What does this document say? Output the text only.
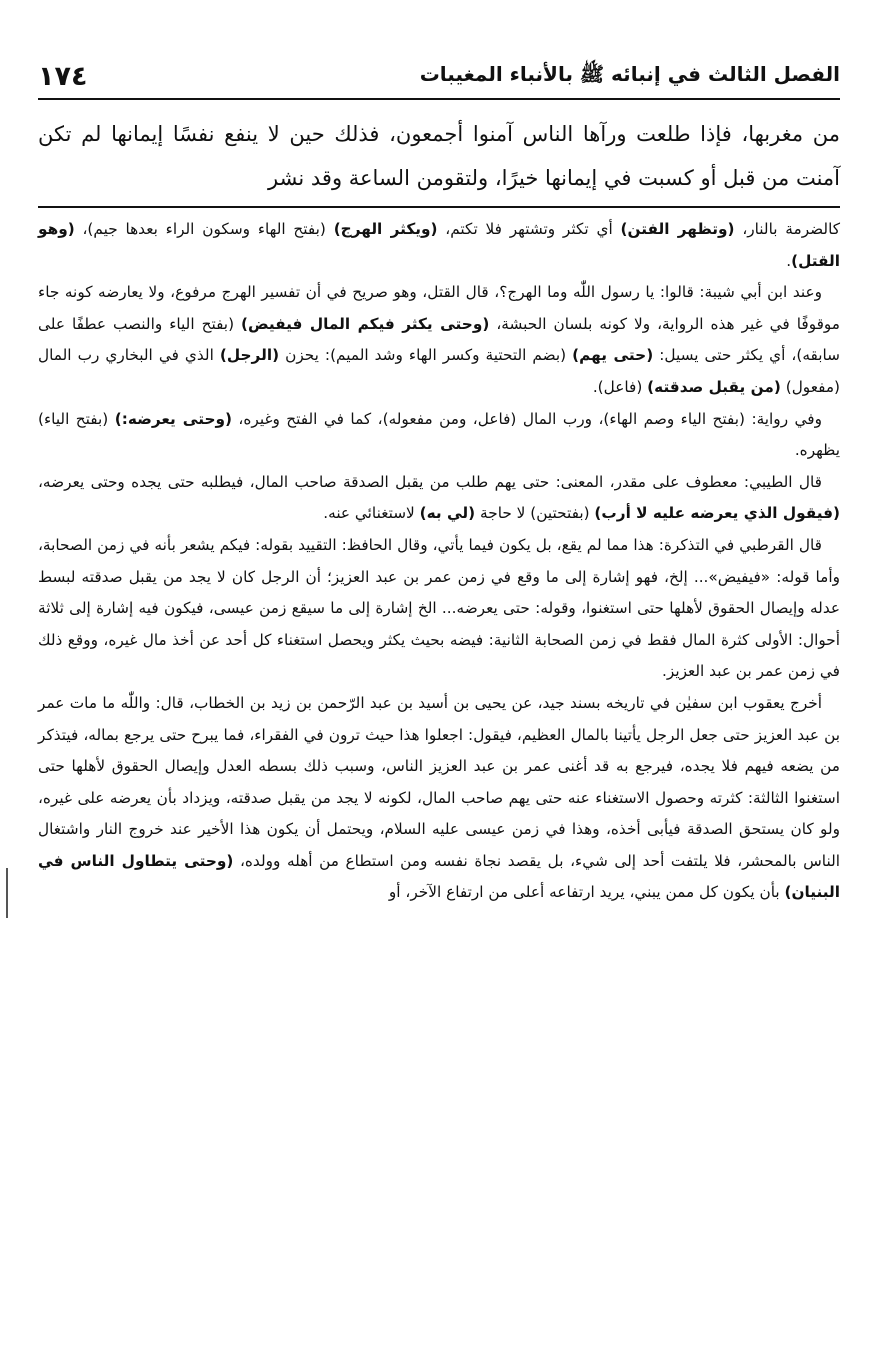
الفصل الثالث في إنبائه ﷺ بالأنباء المغيبات
١٧٤
من مغربها، فإذا طلعت ورآها الناس آمنوا أجمعون، فذلك حين لا ينفع نفسًا إيمانها لم تكن آمنت من قبل أو كسبت في إيمانها خيرًا، ولتقومن الساعة وقد نشر

كالضرمة بالنار، (وتظهر الفتن) أي تكثر وتشتهر فلا تكتم، (ويكثر الهرج) (بفتح الهاء وسكون الراء بعدها جيم)، (وهو القتل).

وعند ابن أبي شيبة: قالوا: يا رسول اللّٰه وما الهرج؟، قال القتل، وهو صريح في أن تفسير الهرج مرفوع، ولا يعارضه كونه جاء موقوفًا في غير هذه الرواية، ولا كونه بلسان الحبشة، (وحتى يكثر فيكم المال فيفيض) (بفتح الياء والنصب عطفًا على سابقه)، أي يكثر حتى يسيل: (حتى يهم) (بضم التحتية وكسر الهاء وشد الميم): يحزن (الرجل) الذي في البخاري رب المال (مفعول) (من يقبل صدقته) (فاعل).

وفي رواية: (بفتح الياء وصم الهاء)، ورب المال (فاعل، ومن مفعوله)، كما في الفتح وغيره، (وحتى يعرضه:) (بفتح الياء) يظهره.

قال الطيبي: معطوف على مقدر، المعنى: حتى يهم طلب من يقبل الصدقة صاحب المال، فيطلبه حتى يجده وحتى يعرضه، (فيقول الذي يعرضه عليه لا أرب) (بفتحتين) لا حاجة (لي به) لاستغنائي عنه.

قال القرطبي في التذكرة: هذا مما لم يقع، بل يكون فيما يأتي، وقال الحافظ: التقييد بقوله: فيكم يشعر بأنه في زمن الصحابة، وأما قوله: «فيفيض»... إلخ، فهو إشارة إلى ما وقع في زمن عمر بن عبد العزيز؛ أن الرجل كان لا يجد من يقبل صدقته لبسط عدله وإيصال الحقوق لأهلها حتى استغنوا، وقوله: حتى يعرضه... الخ إشارة إلى ما سيقع زمن عيسى، فيكون فيه إشارة إلى ثلاثة أحوال: الأولى كثرة المال فقط في زمن الصحابة الثانية: فيضه بحيث يكثر ويحصل استغناء كل أحد عن أخذ مال غيره، ووقع ذلك في زمن عمر بن عبد العزيز.

أخرج يعقوب ابن سفيٰن في تاريخه بسند جيد، عن يحيى بن أسيد بن عبد الرّحمن بن زيد بن الخطاب، قال: واللّٰه ما مات عمر بن عبد العزيز حتى جعل الرجل يأتينا بالمال العظيم، فيقول: اجعلوا هذا حيث ترون في الفقراء، فما يبرح حتى يرجع بماله، فيتذكر من يضعه فيهم فلا يجده، فيرجع به قد أغنى عمر بن عبد العزيز الناس، وسبب ذلك بسطه العدل وإيصال الحقوق لأهلها حتى استغنوا الثالثة: كثرته وحصول الاستغناء عنه حتى يهم صاحب المال، لكونه لا يجد من يقبل صدقته، ويزداد بأن يعرضه على غيره، ولو كان يستحق الصدقة فيأبى أخذه، وهذا في زمن عيسى عليه السلام، ويحتمل أن يكون هذا الأخير عند خروج النار واشتغال الناس بالمحشر، فلا يلتفت أحد إلى شيء، بل يقصد نجاة نفسه ومن استطاع من أهله وولده، (وحتى يتطاول الناس في البنيان) بأن يكون كل ممن يبني، يريد ارتفاعه أعلى من ارتفاع الآخر، أو
